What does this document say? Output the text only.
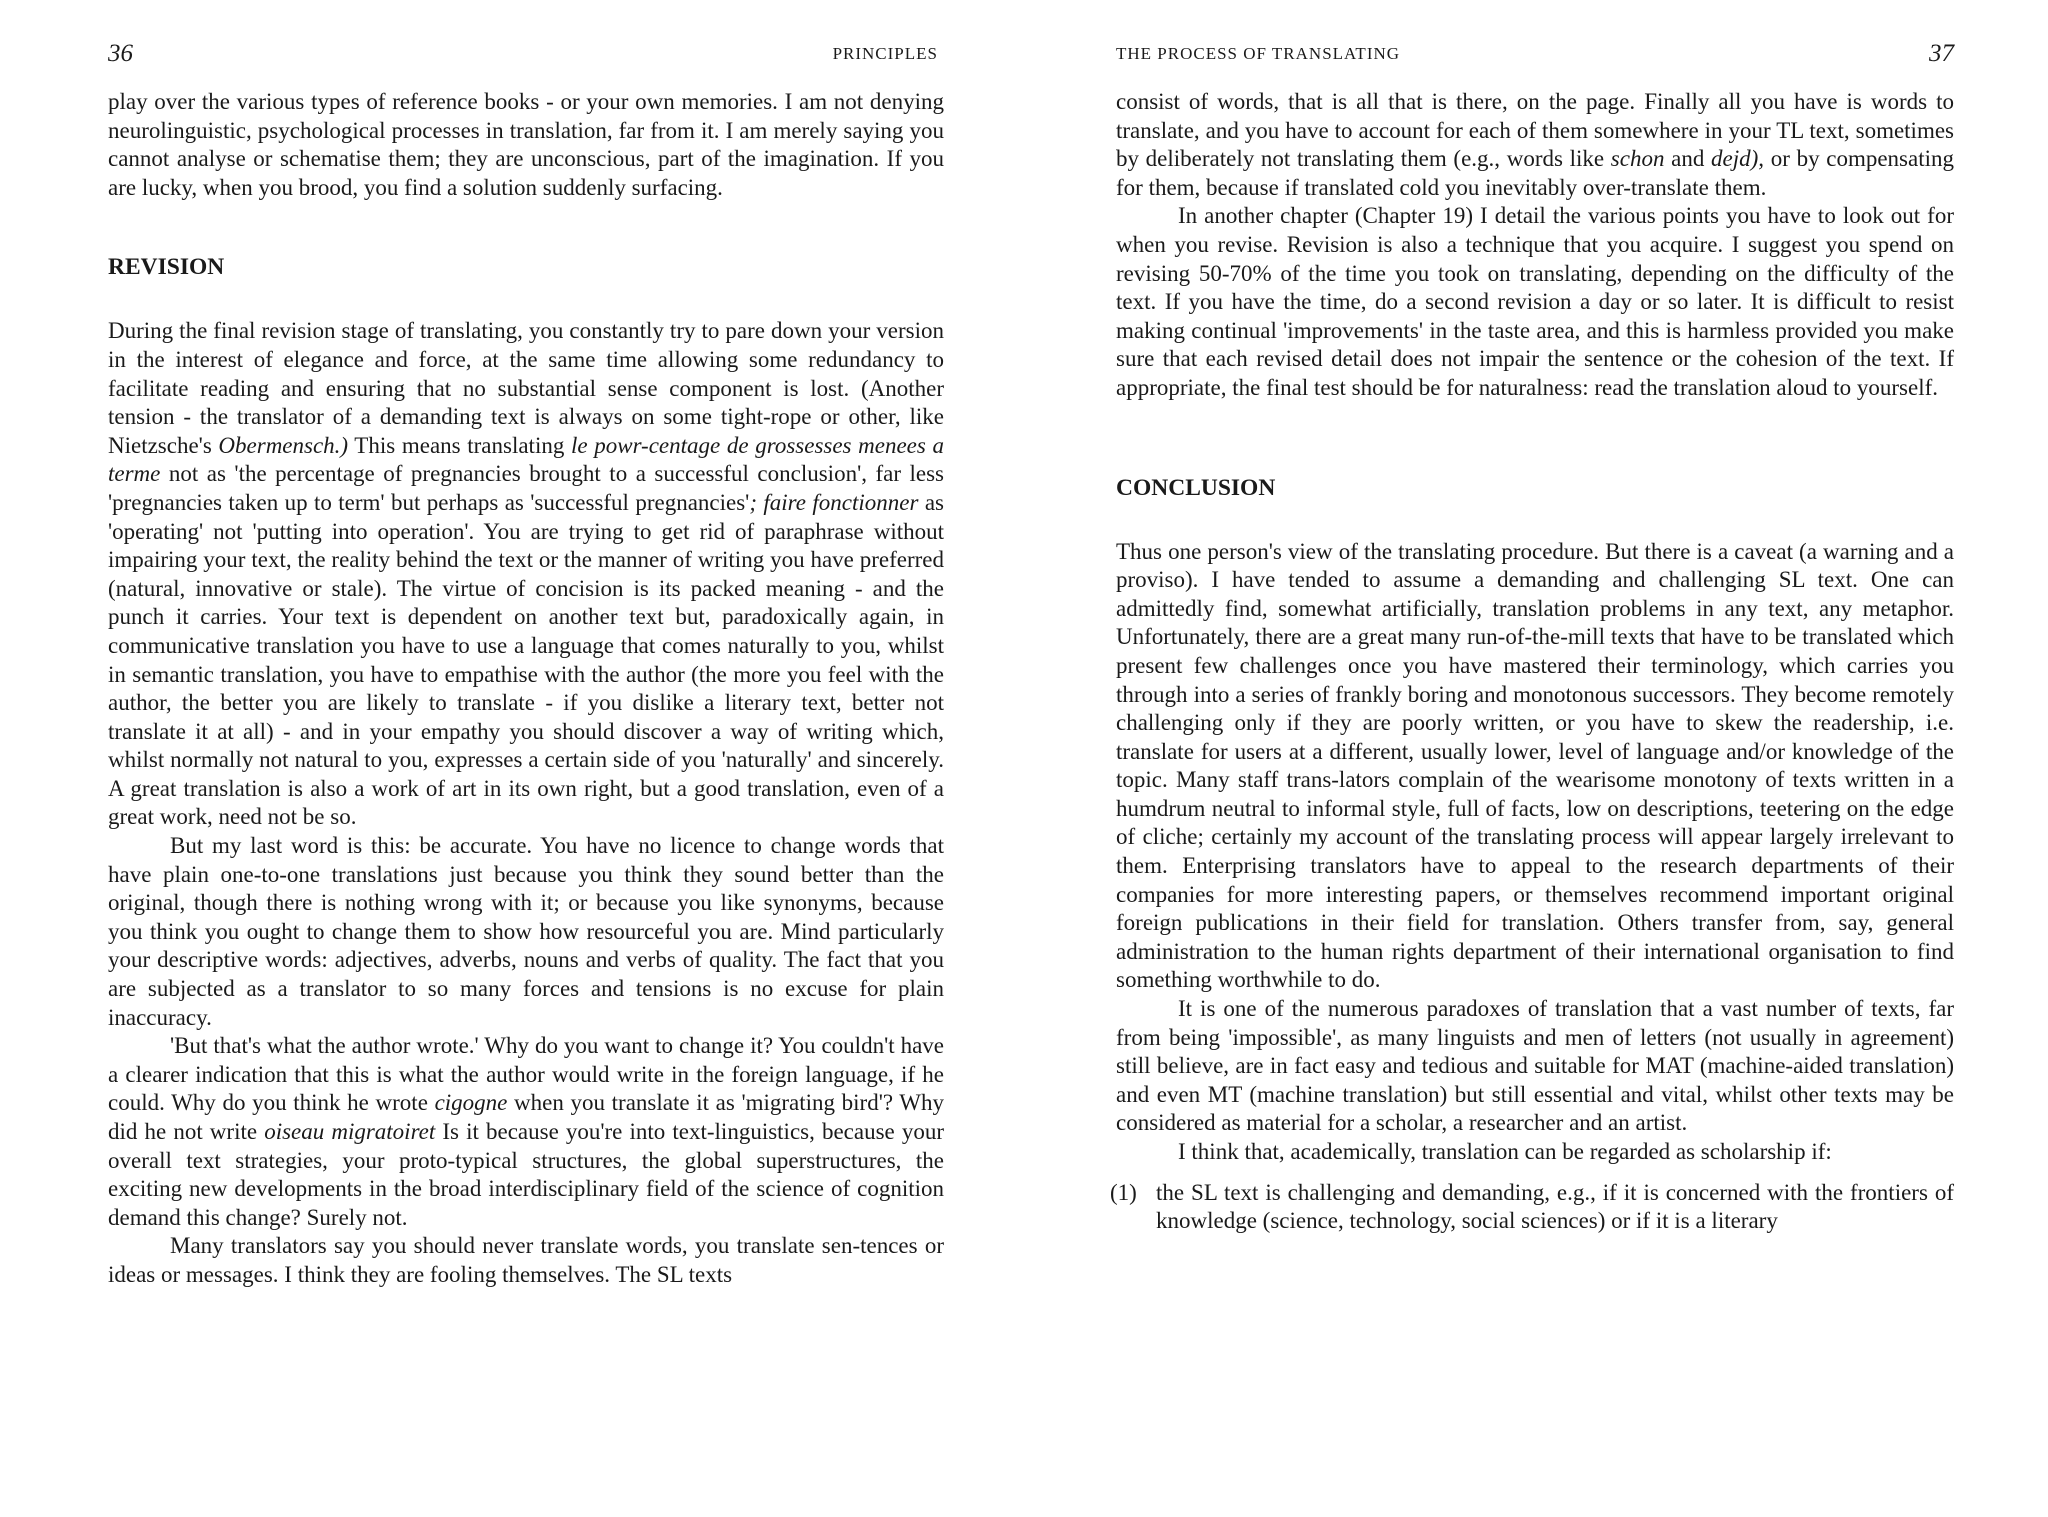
36	PRINCIPLES

play over the various types of reference books - or your own memories. I am not denying neurolinguistic, psychological processes in translation, far from it. I am merely saying you cannot analyse or schematise them; they are unconscious, part of the imagination. If you are lucky, when you brood, you find a solution suddenly surfacing.

REVISION

During the final revision stage of translating, you constantly try to pare down your version in the interest of elegance and force, at the same time allowing some redundancy to facilitate reading and ensuring that no substantial sense component is lost. (Another tension - the translator of a demanding text is always on some tight-rope or other, like Nietzsche's Obermensch.) This means translating le powr-centage de grossesses menees a terme not as 'the percentage of pregnancies brought to a successful conclusion', far less 'pregnancies taken up to term' but perhaps as 'successful pregnancies'; faire fonctionner as 'operating' not 'putting into operation'. You are trying to get rid of paraphrase without impairing your text, the reality behind the text or the manner of writing you have preferred (natural, innovative or stale). The virtue of concision is its packed meaning - and the punch it carries. Your text is dependent on another text but, paradoxically again, in communicative translation you have to use a language that comes naturally to you, whilst in semantic translation, you have to empathise with the author (the more you feel with the author, the better you are likely to translate - if you dislike a literary text, better not translate it at all) - and in your empathy you should discover a way of writing which, whilst normally not natural to you, expresses a certain side of you 'naturally' and sincerely. A great translation is also a work of art in its own right, but a good translation, even of a great work, need not be so.

But my last word is this: be accurate. You have no licence to change words that have plain one-to-one translations just because you think they sound better than the original, though there is nothing wrong with it; or because you like synonyms, because you think you ought to change them to show how resourceful you are. Mind particularly your descriptive words: adjectives, adverbs, nouns and verbs of quality. The fact that you are subjected as a translator to so many forces and tensions is no excuse for plain inaccuracy.

'But that's what the author wrote.' Why do you want to change it? You couldn't have a clearer indication that this is what the author would write in the foreign language, if he could. Why do you think he wrote cigogne when you translate it as 'migrating bird'? Why did he not write oiseau migratoiret Is it because you're into text-linguistics, because your overall text strategies, your proto-typical structures, the global superstructures, the exciting new developments in the broad interdisciplinary field of the science of cognition demand this change? Surely not.

Many translators say you should never translate words, you translate sen-tences or ideas or messages. I think they are fooling themselves. The SL texts

THE PROCESS OF TRANSLATING	37

consist of words, that is all that is there, on the page. Finally all you have is words to translate, and you have to account for each of them somewhere in your TL text, sometimes by deliberately not translating them (e.g., words like schon and dejd), or by compensating for them, because if translated cold you inevitably over-translate them.

In another chapter (Chapter 19) I detail the various points you have to look out for when you revise. Revision is also a technique that you acquire. I suggest you spend on revising 50-70% of the time you took on translating, depending on the difficulty of the text. If you have the time, do a second revision a day or so later. It is difficult to resist making continual 'improvements' in the taste area, and this is harmless provided you make sure that each revised detail does not impair the sentence or the cohesion of the text. If appropriate, the final test should be for naturalness: read the translation aloud to yourself.

CONCLUSION

Thus one person's view of the translating procedure. But there is a caveat (a warning and a proviso). I have tended to assume a demanding and challenging SL text. One can admittedly find, somewhat artificially, translation problems in any text, any metaphor. Unfortunately, there are a great many run-of-the-mill texts that have to be translated which present few challenges once you have mastered their terminology, which carries you through into a series of frankly boring and monotonous successors. They become remotely challenging only if they are poorly written, or you have to skew the readership, i.e. translate for users at a different, usually lower, level of language and/or knowledge of the topic. Many staff trans-lators complain of the wearisome monotony of texts written in a humdrum neutral to informal style, full of facts, low on descriptions, teetering on the edge of cliche; certainly my account of the translating process will appear largely irrelevant to them. Enterprising translators have to appeal to the research departments of their companies for more interesting papers, or themselves recommend important original foreign publications in their field for translation. Others transfer from, say, general administration to the human rights department of their international organisation to find something worthwhile to do.

It is one of the numerous paradoxes of translation that a vast number of texts, far from being 'impossible', as many linguists and men of letters (not usually in agreement) still believe, are in fact easy and tedious and suitable for MAT (machine-aided translation) and even MT (machine translation) but still essential and vital, whilst other texts may be considered as material for a scholar, a researcher and an artist.

I think that, academically, translation can be regarded as scholarship if:

(1) the SL text is challenging and demanding, e.g., if it is concerned with the frontiers of knowledge (science, technology, social sciences) or if it is a literary
